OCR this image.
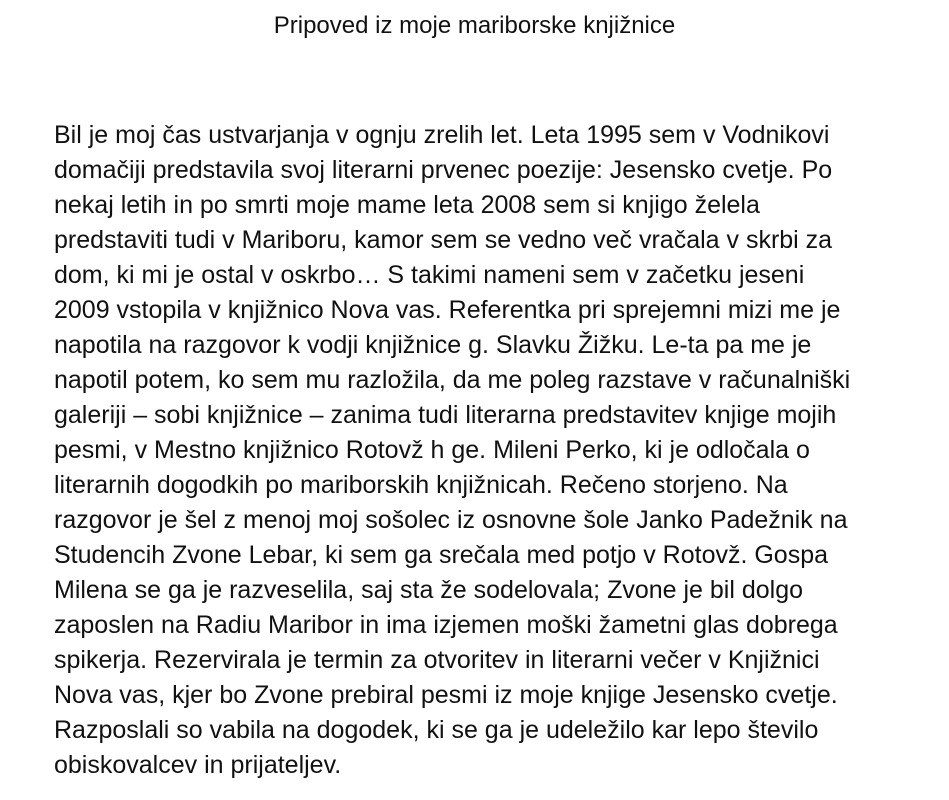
Pripoved iz moje mariborske knjižnice
Bil je moj čas ustvarjanja v ognju zrelih let. Leta 1995 sem v Vodnikovi
domačiji predstavila svoj literarni prvenec poezije: Jesensko cvetje. Po
nekaj letih in po smrti moje mame leta 2008 sem si knjigo želela
predstaviti tudi v Mariboru, kamor sem se vedno več vračala v skrbi za
dom, ki mi je ostal v oskrbo… S takimi nameni sem v začetku jeseni
2009 vstopila v knjižnico Nova vas. Referentka pri sprejemni mizi me je
napotila na razgovor k vodji knjižnice g. Slavku Žižku. Le-ta pa me je
napotil potem, ko sem mu razložila, da me poleg razstave v računalniški
galeriji – sobi knjižnice – zanima tudi literarna predstavitev knjige mojih
pesmi, v Mestno knjižnico Rotovž h ge. Mileni Perko, ki je odločala o
literarnih dogodkih po mariborskih knjižnicah. Rečeno storjeno. Na
razgovor je šel z menoj moj sošolec iz osnovne šole Janko Padežnik na
Studencih Zvone Lebar, ki sem ga srečala med potjo v Rotovž. Gospa
Milena se ga je razveselila, saj sta že sodelovala; Zvone je bil dolgo
zaposlen na Radiu Maribor in ima izjemen moški žametni glas dobrega
spikerja. Rezervirala je termin za otvoritev in literarni večer v Knjižnici
Nova vas, kjer bo Zvone prebiral pesmi iz moje knjige Jesensko cvetje.
Razposlali so vabila na dogodek, ki se ga je udeležilo kar lepo število
obiskovalcev in prijateljev.
